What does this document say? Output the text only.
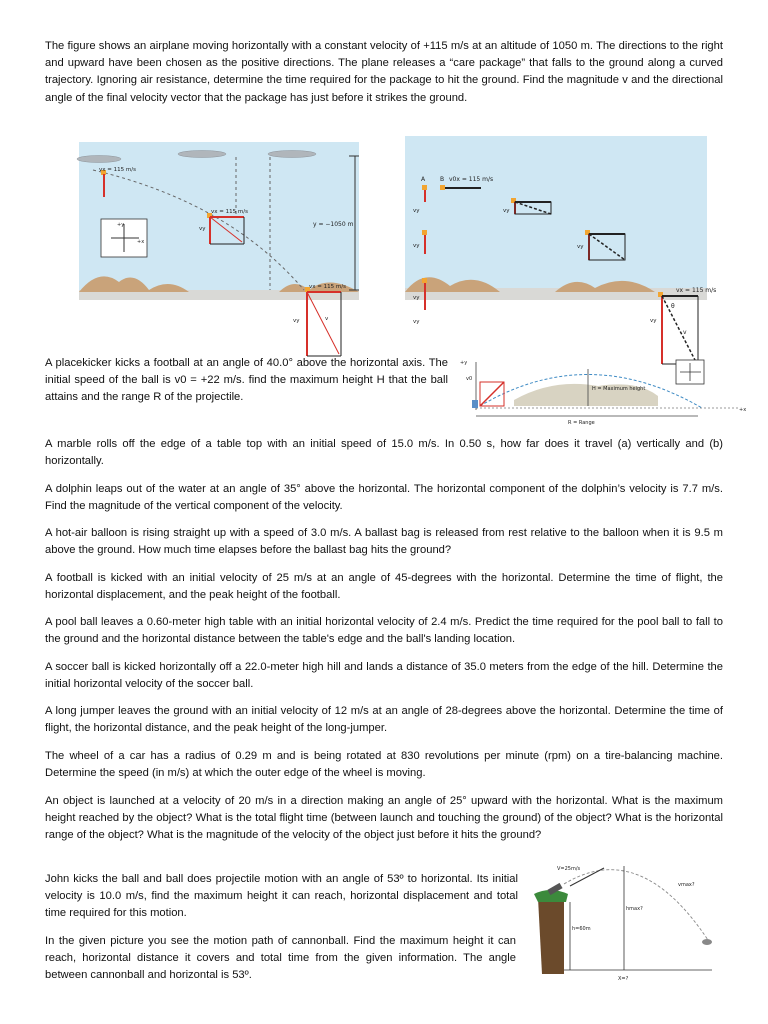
The figure shows an airplane moving horizontally with a constant velocity of +115 m/s at an altitude of 1050 m. The directions to the right and upward have been chosen as the positive directions. The plane releases a “care package” that falls to the ground along a curved trajectory. Ignoring air resistance, determine the time required for the package to hit the ground. Find the magnitude v and the directional angle of the final velocity vector that the package has just before it strikes the ground.

y = −1050 m
vx = 115 m/s
vx = 115 m/s
vx = 115 m/s
vy
vy	v
+y
+x
A B v0x = 115 m/s
vy
vy
vy
vy
vy
vy
vy
vx = 115 m/s
θ
v

A placekicker kicks a football at an angle of 40.0° above the horizontal axis. The initial speed of the ball is v0 = +22 m/s. find the maximum height H that the ball attains and the range R of the projectile.

v0
H = Maximum height
R = Range
+y
+x

A marble rolls off the edge of a table top with an initial speed of 15.0 m/s. In 0.50 s, how far does it travel (a) vertically and (b) horizontally.

A dolphin leaps out of the water at an angle of 35° above the horizontal. The horizontal component of the dolphin’s velocity is 7.7 m/s. Find the magnitude of the vertical component of the velocity.

A hot-air balloon is rising straight up with a speed of 3.0 m/s. A ballast bag is released from rest relative to the balloon when it is 9.5 m above the ground. How much time elapses before the ballast bag hits the ground?

A football is kicked with an initial velocity of 25 m/s at an angle of 45-degrees with the horizontal. Determine the time of flight, the horizontal displacement, and the peak height of the football.

A pool ball leaves a 0.60-meter high table with an initial horizontal velocity of 2.4 m/s. Predict the time required for the pool ball to fall to the ground and the horizontal distance between the table's edge and the ball's landing location.

A soccer ball is kicked horizontally off a 22.0-meter high hill and lands a distance of 35.0 meters from the edge of the hill. Determine the initial horizontal velocity of the soccer ball.

A long jumper leaves the ground with an initial velocity of 12 m/s at an angle of 28-degrees above the horizontal. Determine the time of flight, the horizontal distance, and the peak height of the long-jumper.

The wheel of a car has a radius of 0.29 m and is being rotated at 830 revolutions per minute (rpm) on a tire-balancing machine. Determine the speed (in m/s) at which the outer edge of the wheel is moving.

An object is launched at a velocity of 20 m/s in a direction making an angle of 25° upward with the horizontal. What is the maximum height reached by the object? What is the total flight time (between launch and touching the ground) of the object? What is the horizontal range of the object? What is the magnitude of the velocity of the object just before it hits the ground?

John kicks the ball and ball does projectile motion with an angle of 53º to horizontal. Its initial velocity is 10.0 m/s, find the maximum height it can reach, horizontal displacement and total time required for this motion.

In the given picture you see the motion path of cannonball. Find the maximum height it can reach, horizontal distance it covers and total time from the given information. The angle between cannonball and horizontal is 53º.

V=25m/s
vmax?
hmax?
h=60m
X=?
